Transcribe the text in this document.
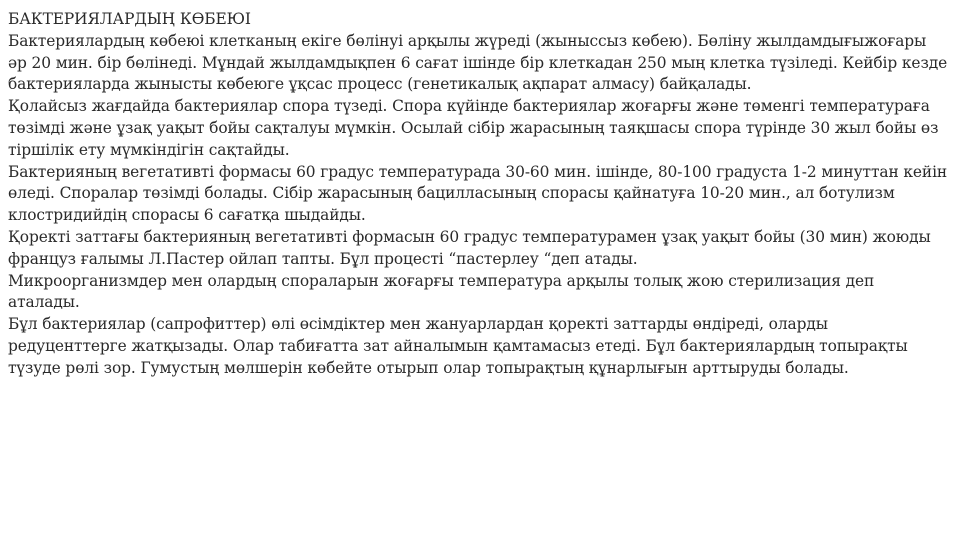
БАКТЕРИЯЛАРДЫҢ КӨБЕЮІ

Бактериялардың көбеюі клетканың екіге бөлінуі арқылы жүреді (жыныссыз көбею). Бөліну жылдамдығыжоғары әр 20 мин. бір бөлінеді. Мұндай жылдамдықпен 6 сағат ішінде бір клеткадан 250 мың клетка түзіледі. Кейбір кезде бактерияларда жынысты көбеюге ұқсас процесс (генетикалық ақпарат алмасу) байқалады.

Қолайсыз жағдайда бактериялар спора түзеді. Спора күйінде бактериялар жоғарғы және төменгі температураға төзімді және ұзақ уақыт бойы сақталуы мүмкін. Осылай сібір жарасының таяқшасы спора түрінде 30 жыл бойы өз тіршілік ету мүмкіндігін сақтайды.

Бактерияның вегетативті формасы 60 градус температурада 30-60 мин. ішінде, 80-100 градуста 1-2 минуттан кейін өледі. Споралар төзімді болады. Сібір жарасының бацилласының спорасы қайнатуға 10-20 мин., ал ботулизм клостридийдің спорасы 6 сағатқа шыдайды.

Қоректі заттағы бактерияның вегетативті формасын 60 градус температурамен ұзақ уақыт бойы (30 мин) жоюды француз ғалымы Л.Пастер ойлап тапты. Бұл процесті “пастерлеу “деп атады.

Микроорганизмдер мен олардың спораларын жоғарғы температура арқылы толық жою стерилизация деп аталады.

Бұл бактериялар (сапрофиттер) өлі өсімдіктер мен жануарлардан қоректі заттарды өндіреді, оларды редуценттерге жатқызады. Олар табиғатта зат айналымын қамтамасыз етеді. Бұл бактериялардың топырақты түзуде рөлі зор. Гумустың мөлшерін көбейте отырып олар топырақтың құнарлығын арттыруды болады.
